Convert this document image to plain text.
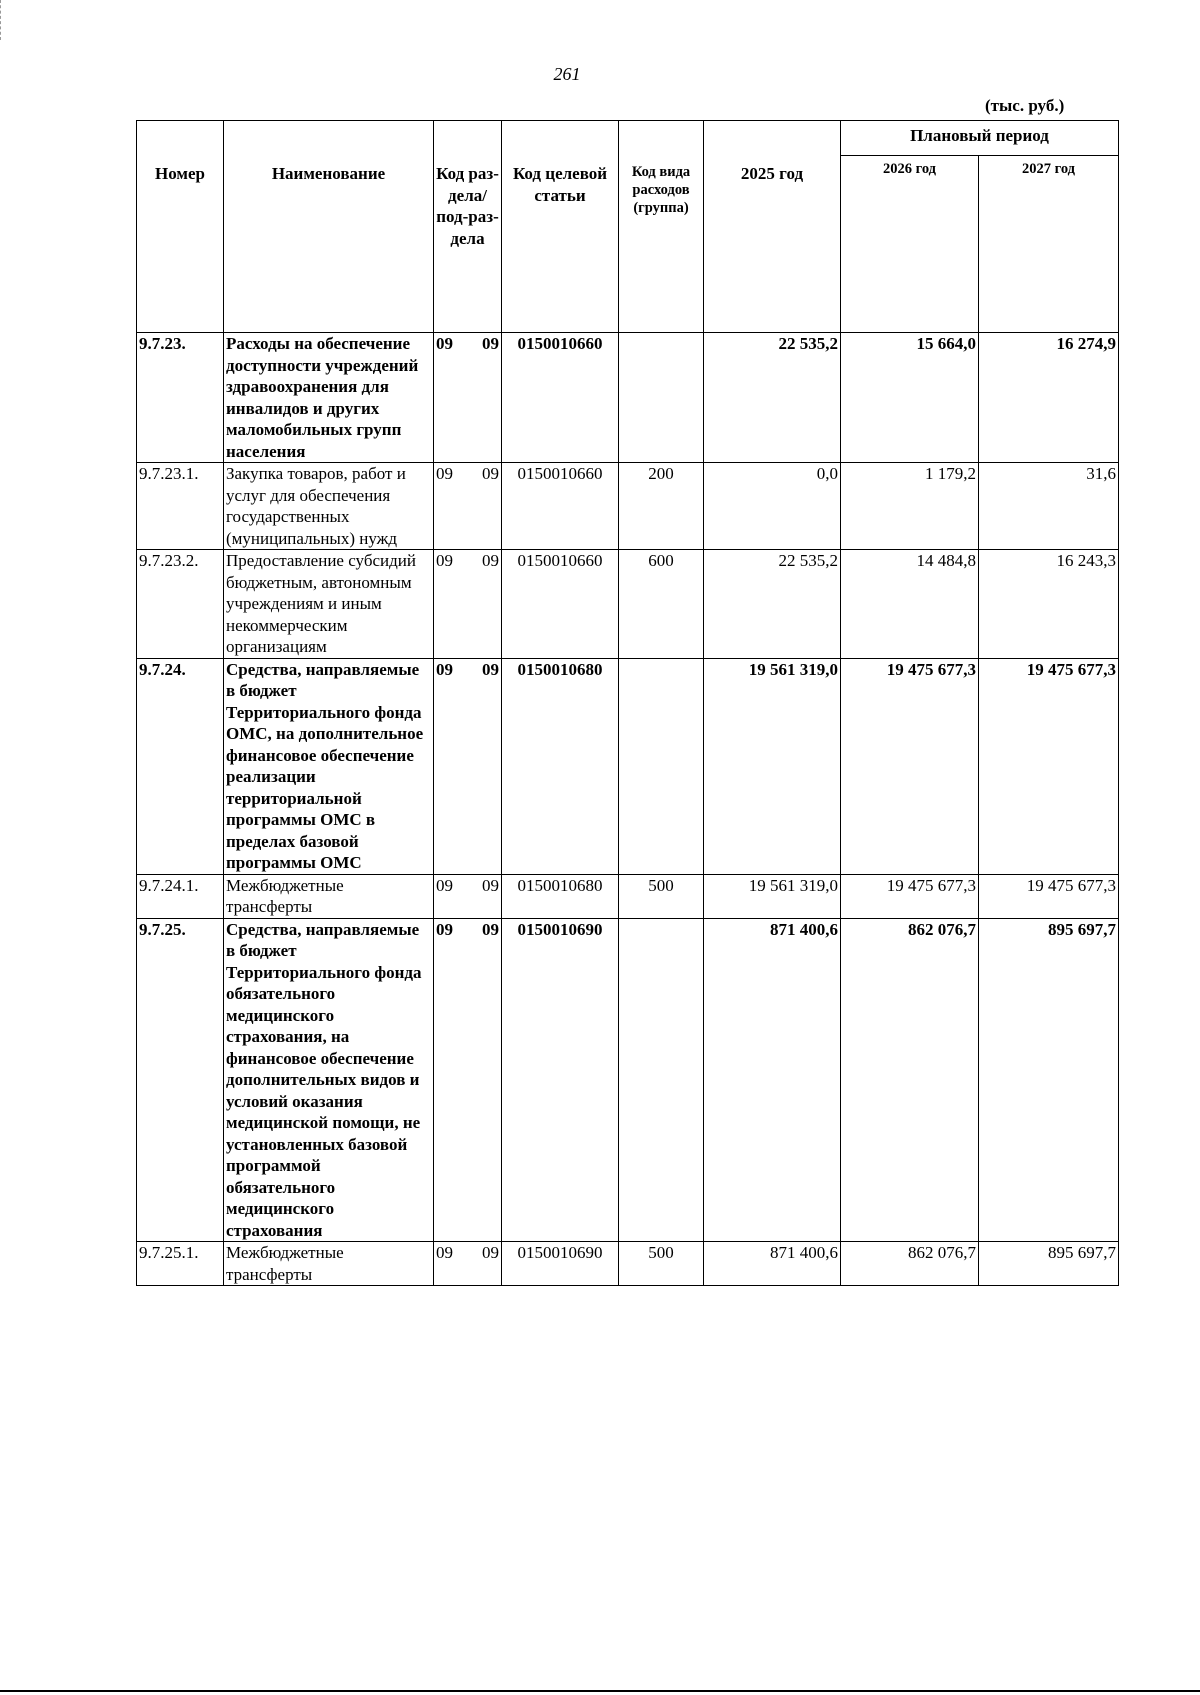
261
(тыс. руб.)
Номер	Наименование	Код раз-дела/ под-раз-дела	Код целевой статьи	Код вида расходов (группа)	2025 год	Плановый период	
						2026 год	2027 год
9.7.23.	Расходы на обеспечение доступности учреждений здравоохранения для инвалидов и других маломобильных групп населения	09 09	0150010660		22 535,2	15 664,0	16 274,9
9.7.23.1.	Закупка товаров, работ и услуг для обеспечения государственных (муниципальных) нужд	09 09	0150010660	200	0,0	1 179,2	31,6
9.7.23.2.	Предоставление субсидий бюджетным, автономным учреждениям и иным некоммерческим организациям	09 09	0150010660	600	22 535,2	14 484,8	16 243,3
9.7.24.	Средства, направляемые в бюджет Территориального фонда ОМС, на дополнительное финансовое обеспечение реализации территориальной программы ОМС в пределах базовой программы ОМС	09 09	0150010680		19 561 319,0	19 475 677,3	19 475 677,3
9.7.24.1.	Межбюджетные трансферты	09 09	0150010680	500	19 561 319,0	19 475 677,3	19 475 677,3
9.7.25.	Средства, направляемые в бюджет Территориального фонда обязательного медицинского страхования, на финансовое обеспечение дополнительных видов и условий оказания медицинской помощи, не установленных базовой программой обязательного медицинского страхования	09 09	0150010690		871 400,6	862 076,7	895 697,7
9.7.25.1.	Межбюджетные трансферты	09 09	0150010690	500	871 400,6	862 076,7	895 697,7
